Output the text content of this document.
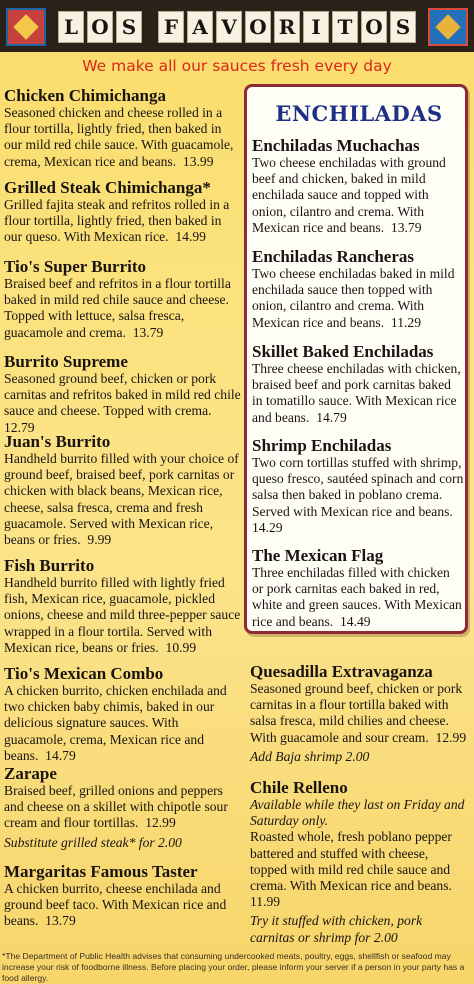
L O S F A V O R I T O S
We make all our sauces fresh every day
Chicken Chimichanga

Seasoned chicken and cheese rolled in a flour tortilla, lightly fried, then baked in our mild red chile sauce. With guacamole, crema, Mexican rice and beans. 13.99

Grilled Steak Chimichanga*

Grilled fajita steak and refritos rolled in a flour tortilla, lightly fried, then baked in our queso. With Mexican rice. 14.99

Tio's Super Burrito

Braised beef and refritos in a flour tortilla baked in mild red chile sauce and cheese. Topped with lettuce, salsa fresca, guacamole and crema. 13.79

Burrito Supreme

Seasoned ground beef, chicken or pork carnitas and refritos baked in mild red chile sauce and cheese. Topped with crema.  12.79

Juan's Burrito

Handheld burrito filled with your choice of ground beef, braised beef, pork carnitas or chicken with black beans, Mexican rice, cheese, salsa fresca, crema and fresh guacamole. Served with Mexican rice, beans or fries. 9.99

Fish Burrito

Handheld burrito filled with lightly fried fish, Mexican rice, guacamole, pickled onions, cheese and mild three-pepper sauce wrapped in a flour tortila. Served with Mexican rice, beans or fries. 10.99

Tio's Mexican Combo

A chicken burrito, chicken enchilada and two chicken baby chimis, baked in our delicious signature sauces. With guacamole, crema, Mexican rice and beans. 14.79

Zarape

Braised beef, grilled onions and peppers and cheese on a skillet with chipotle sour cream and flour tortillas. 12.99

Substitute grilled steak* for 2.00

Margaritas Famous Taster

A chicken burrito, cheese enchilada and ground beef taco. With Mexican rice and beans. 13.79

ENCHILADAS
Enchiladas Muchachas

Two cheese enchiladas with ground beef and chicken, baked in mild enchilada sauce and topped with onion, cilantro and crema. With Mexican rice and beans. 13.79

Enchiladas Rancheras

Two cheese enchiladas baked in mild enchilada sauce then topped with onion, cilantro and crema. With Mexican rice and beans. 11.29

Skillet Baked Enchiladas

Three cheese enchiladas with chicken, braised beef and pork carnitas baked in tomatillo sauce. With Mexican rice and beans. 14.79

Shrimp Enchiladas

Two corn tortillas stuffed with shrimp, queso fresco, sautéed spinach and corn salsa then baked in poblano crema. Served with Mexican rice and beans.  14.29

The Mexican Flag

Three enchiladas filled with chicken or pork carnitas each baked in red, white and green sauces. With Mexican rice and beans. 14.49

Quesadilla Extravaganza

Seasoned ground beef, chicken or pork carnitas in a flour tortilla baked with salsa fresca, mild chilies and cheese. With guacamole and sour cream. 12.99

Add Baja shrimp 2.00

Chile Relleno

Available while they last on Friday and Saturday only.

Roasted whole, fresh poblano pepper battered and stuffed with cheese, topped with mild red chile sauce and crema. With Mexican rice and beans.  11.99

Try it stuffed with chicken, pork carnitas or shrimp for 2.00

*The Department of Public Health advises that consuming undercooked meats, poultry, eggs, shellfish or seafood may increase your risk of foodborne illness. Before placing your order, please inform your server if a person in your party has a food allergy.
